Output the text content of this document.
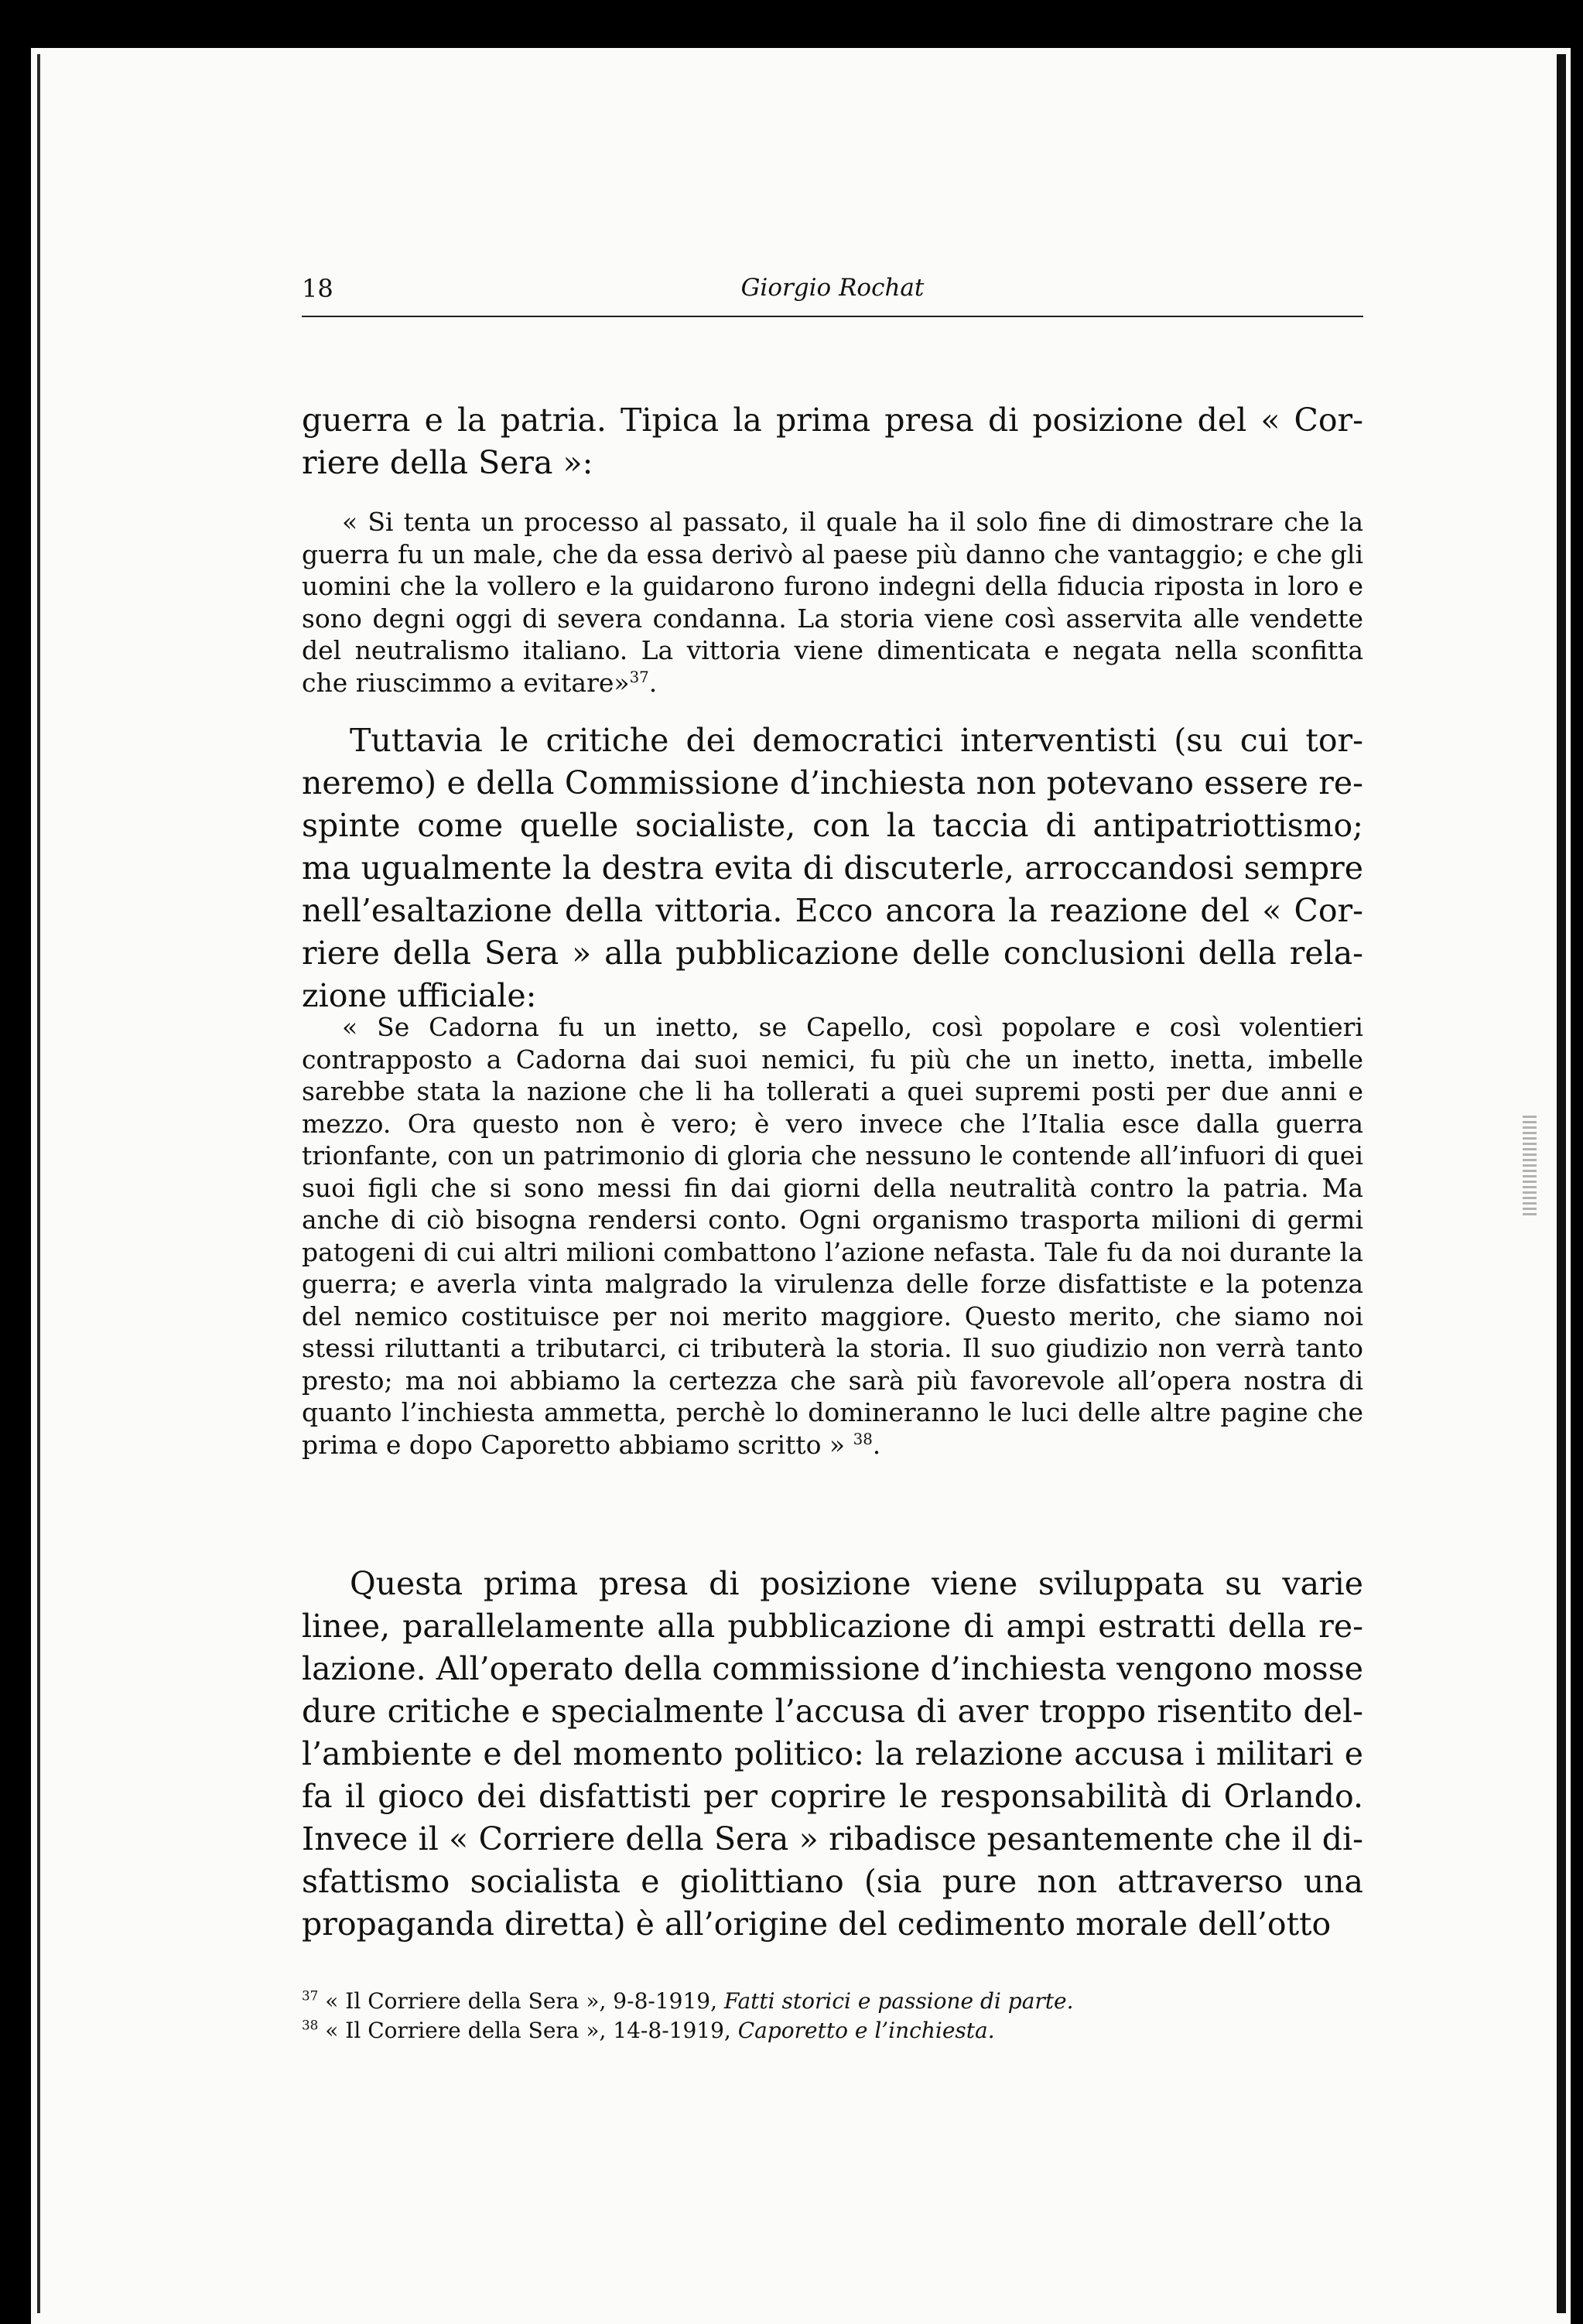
18	Giorgio Rochat

guerra e la patria. Tipica la prima presa di posizione del « Corriere della Sera »:

« Si tenta un processo al passato, il quale ha il solo fine di dimostrare che la guerra fu un male, che da essa derivò al paese più danno che vantaggio; e che gli uomini che la vollero e la guidarono furono indegni della fiducia riposta in loro e sono degni oggi di severa condanna. La storia viene così asservita alle vendette del neutralismo italiano. La vittoria viene dimenticata e negata nella sconfitta che riuscimmo a evitare»$^{37}$.

Tuttavia le critiche dei democratici interventisti (su cui torneremo) e della Commissione d’inchiesta non potevano essere respinte come quelle socialiste, con la taccia di antipatriottismo; ma ugualmente la destra evita di discuterle, arroccandosi sempre nell’esaltazione della vittoria. Ecco ancora la reazione del « Corriere della Sera » alla pubblicazione delle conclusioni della relazione ufficiale:

« Se Cadorna fu un inetto, se Capello, così popolare e così volentieri contrapposto a Cadorna dai suoi nemici, fu più che un inetto, inetta, imbelle sarebbe stata la nazione che li ha tollerati a quei supremi posti per due anni e mezzo. Ora questo non è vero; è vero invece che l’Italia esce dalla guerra trionfante, con un patrimonio di gloria che nessuno le contende all’infuori di quei suoi figli che si sono messi fin dai giorni della neutralità contro la patria. Ma anche di ciò bisogna rendersi conto. Ogni organismo trasporta milioni di germi patogeni di cui altri milioni combattono l’azione nefasta. Tale fu da noi durante la guerra; e averla vinta malgrado la virulenza delle forze disfattiste e la potenza del nemico costituisce per noi merito maggiore. Questo merito, che siamo noi stessi riluttanti a tributarci, ci tributerà la storia. Il suo giudizio non verrà tanto presto; ma noi abbiamo la certezza che sarà più favorevole all’opera nostra di quanto l’inchiesta ammetta, perchè lo domineranno le luci delle altre pagine che prima e dopo Caporetto abbiamo scritto » $^{38}$.

Questa prima presa di posizione viene sviluppata su varie linee, parallelamente alla pubblicazione di ampi estratti della relazione. All’operato della commissione d’inchiesta vengono mosse dure critiche e specialmente l’accusa di aver troppo risentito dell’ambiente e del momento politico: la relazione accusa i militari e fa il gioco dei disfattisti per coprire le responsabilità di Orlando. Invece il « Corriere della Sera » ribadisce pesantemente che il disfattismo socialista e giolittiano (sia pure non attraverso una propaganda diretta) è all’origine del cedimento morale dell’otto

$^{37}$ « Il Corriere della Sera », 9-8-1919, Fatti storici e passione di parte.

$^{38}$ « Il Corriere della Sera », 14-8-1919, Caporetto e l’inchiesta.
